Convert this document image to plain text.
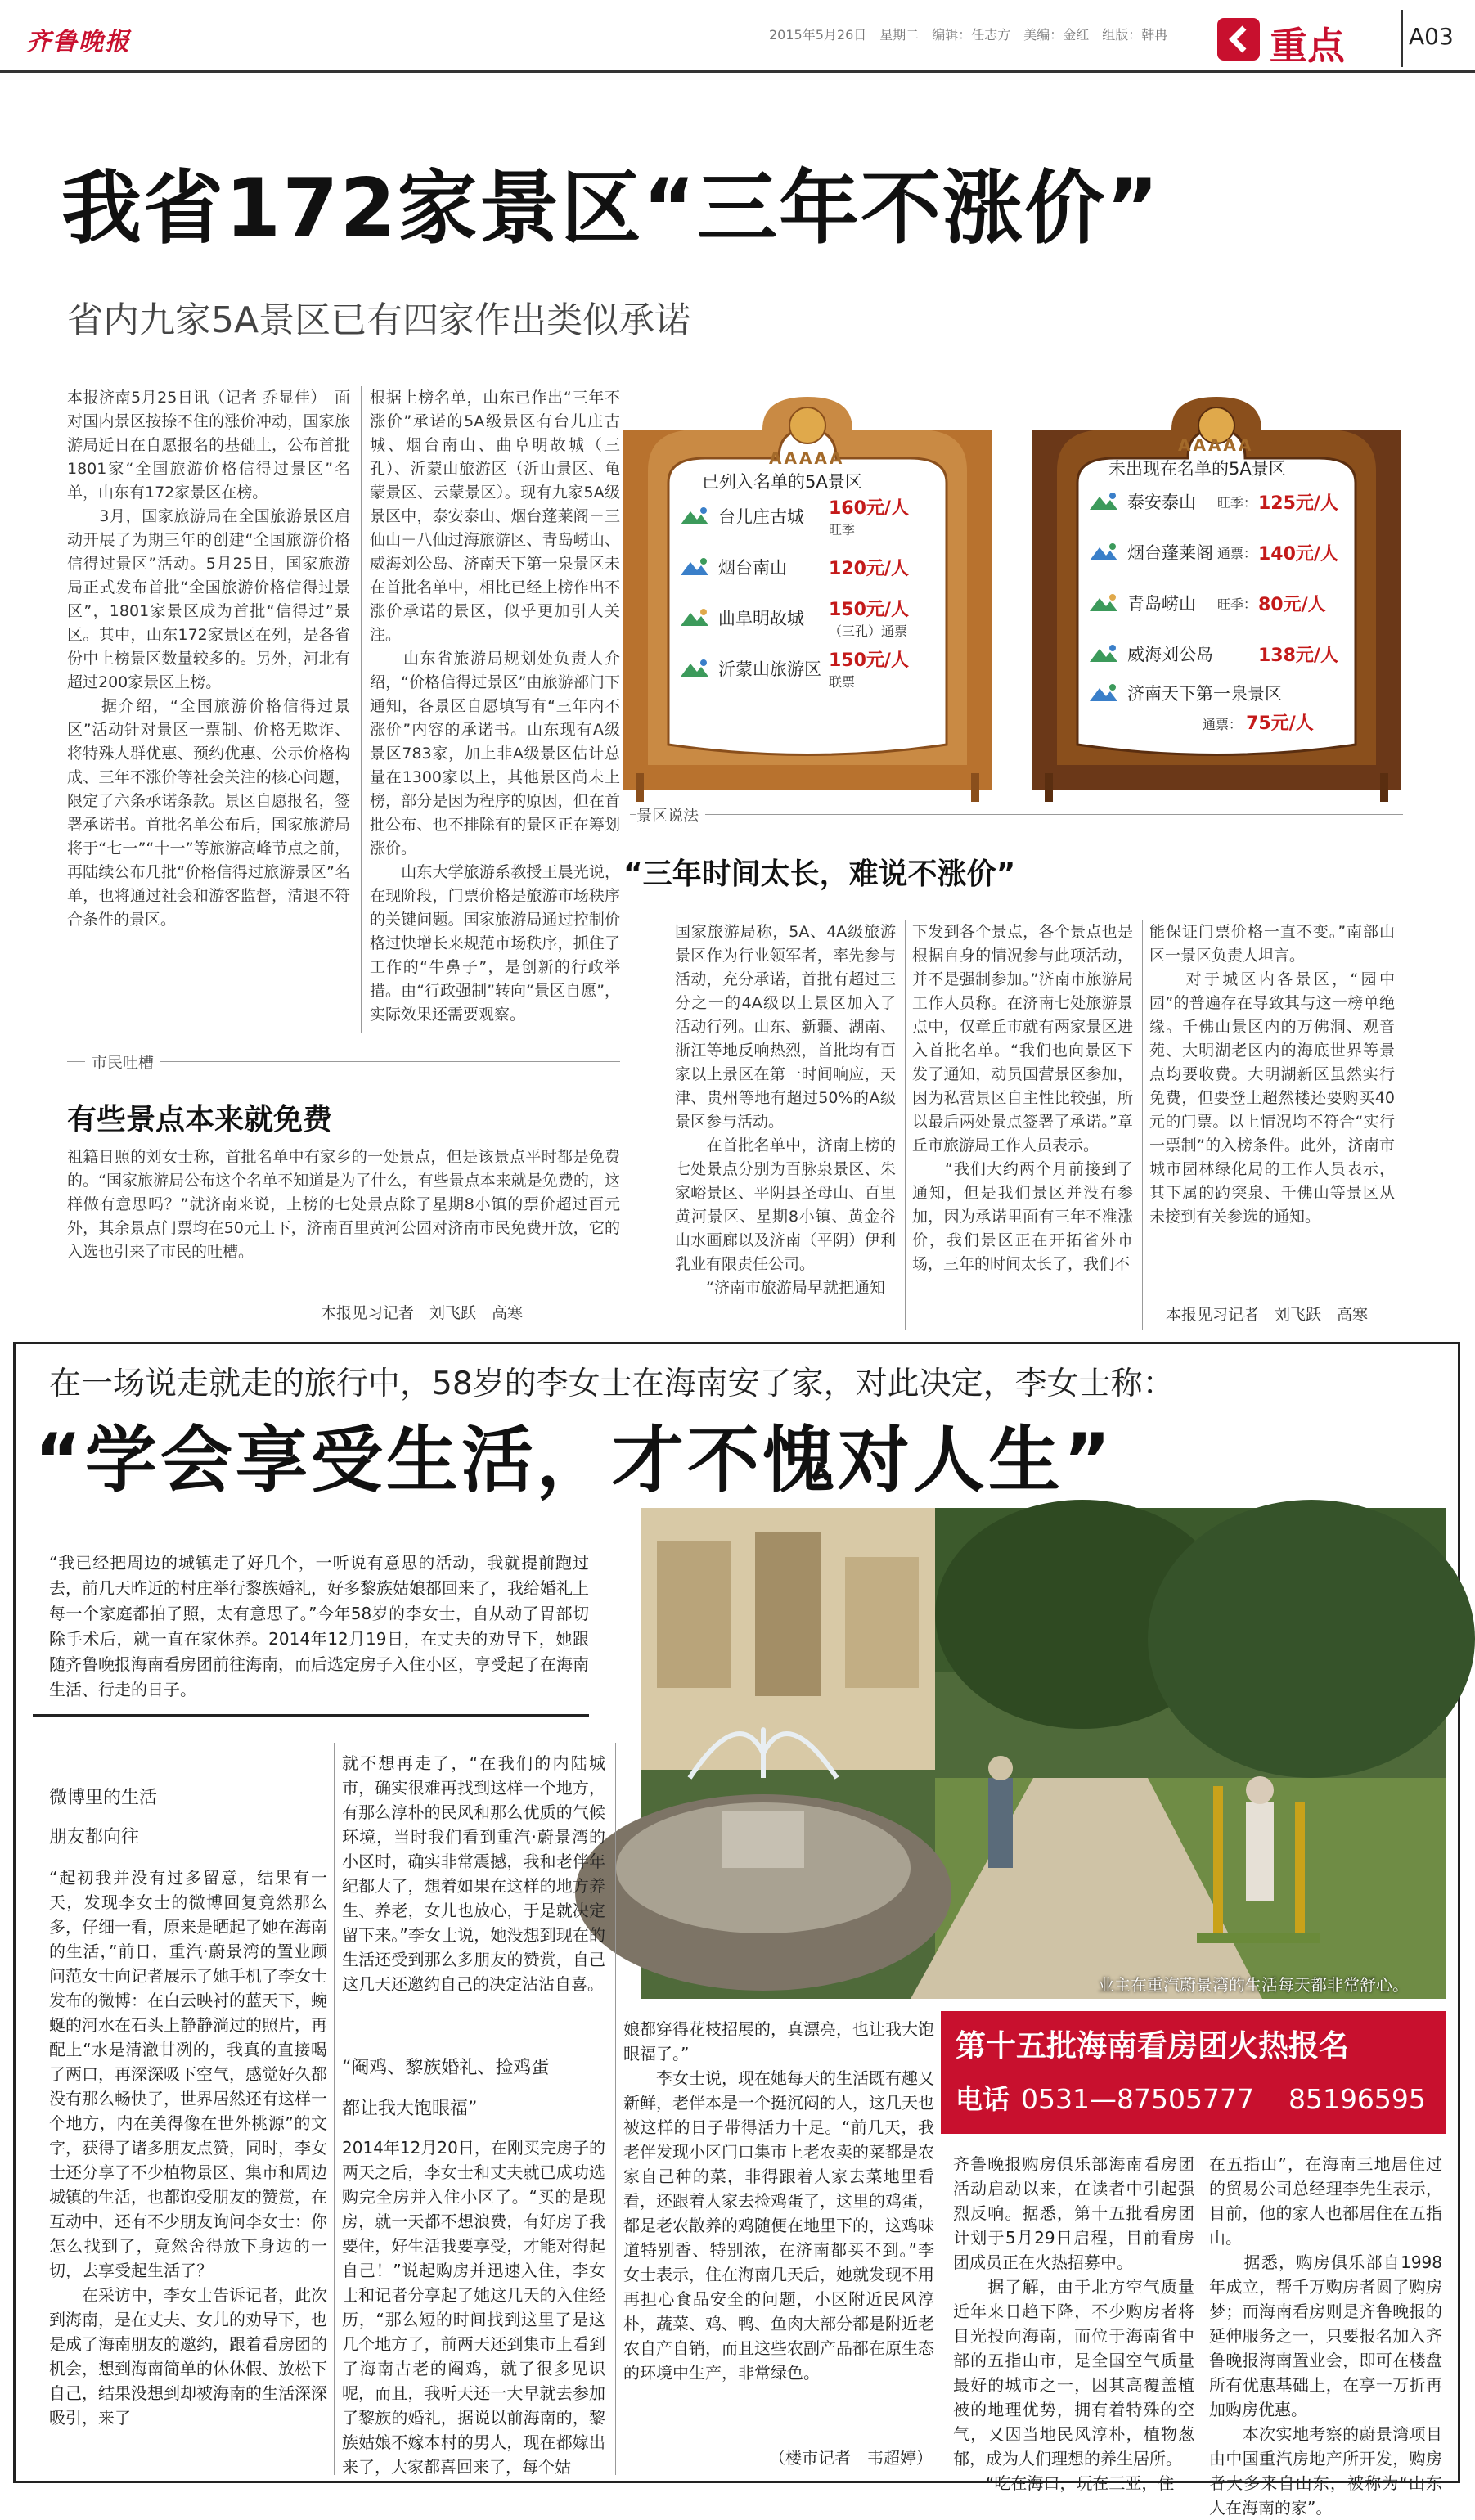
齐鲁晚报	2015年5月26日　星期二　编辑：任志方　美编：金红　组版：韩冉	重点	A03
我省172家景区“三年不涨价”
省内九家5A景区已有四家作出类似承诺
本报济南5月25日讯（记者 乔显佳）　面对国内景区按捺不住的涨价冲动，国家旅游局近日在自愿报名的基础上，公布首批1801家“全国旅游价格信得过景区”名单，山东有172家景区在榜。
　　3月，国家旅游局在全国旅游景区启动开展了为期三年的创建“全国旅游价格信得过景区”活动。5月25日，国家旅游局正式发布首批“全国旅游价格信得过景区”，1801家景区成为首批“信得过”景区。其中，山东172家景区在列，是各省份中上榜景区数量较多的。另外，河北有超过200家景区上榜。
　　据介绍，“全国旅游价格信得过景区”活动针对景区一票制、价格无欺诈、将特殊人群优惠、预约优惠、公示价格构成、三年不涨价等社会关注的核心问题，限定了六条承诺条款。景区自愿报名，签署承诺书。首批名单公布后，国家旅游局将于“七一”“十一”等旅游高峰节点之前，再陆续公布几批“价格信得过旅游景区”名单，也将通过社会和游客监督，清退不符合条件的景区。
根据上榜名单，山东已作出“三年不涨价”承诺的5A级景区有台儿庄古城、烟台南山、曲阜明故城（三孔）、沂蒙山旅游区（沂山景区、龟蒙景区、云蒙景区）。现有九家5A级景区中，泰安泰山、烟台蓬莱阁－三仙山－八仙过海旅游区、青岛崂山、威海刘公岛、济南天下第一泉景区未在首批名单中，相比已经上榜作出不涨价承诺的景区，似乎更加引人关注。
　　山东省旅游局规划处负责人介绍，“价格信得过景区”由旅游部门下通知，各景区自愿填写有“三年内不涨价”内容的承诺书。山东现有A级景区783家，加上非A级景区估计总量在1300家以上，其他景区尚未上榜，部分是因为程序的原因，但在首批公布、也不排除有的景区正在筹划涨价。
　　山东大学旅游系教授王晨光说，在现阶段，门票价格是旅游市场秩序的关键问题。国家旅游局通过控制价格过快增长来规范市场秩序，抓住了工作的“牛鼻子”，是创新的行政举措。由“行政强制”转向“景区自愿”，实际效果还需要观察。
AAAAA
已列入名单的5A景区
台儿庄古城	160元/人
旺季
烟台南山	120元/人
曲阜明故城	150元/人
（三孔）通票
沂蒙山旅游区 150元/人
联票
AAAAA
未出现在名单的5A景区
泰安泰山	旺季： 125元/人
烟台蓬莱阁 通票： 140元/人
青岛崂山	旺季： 80元/人
威海刘公岛	138元/人
济南天下第一泉景区
通票： 75元/人
景区说法
“三年时间太长，难说不涨价”
国家旅游局称，5A、4A级旅游景区作为行业领军者，率先参与活动，充分承诺，首批有超过三分之一的4A级以上景区加入了活动行列。山东、新疆、湖南、浙江等地反响热烈，首批均有百家以上景区在第一时间响应，天津、贵州等地有超过50%的A级景区参与活动。
　　在首批名单中，济南上榜的七处景点分别为百脉泉景区、朱家峪景区、平阴县圣母山、百里黄河景区、星期8小镇、黄金谷山水画廊以及济南（平阴）伊利乳业有限责任公司。
　　“济南市旅游局早就把通知
下发到各个景点，各个景点也是根据自身的情况参与此项活动，并不是强制参加。”济南市旅游局工作人员称。在济南七处旅游景点中，仅章丘市就有两家景区进入首批名单。“我们也向景区下发了通知，动员国营景区参加，因为私营景区自主性比较强，所以最后两处景点签署了承诺。”章丘市旅游局工作人员表示。
　　“我们大约两个月前接到了通知，但是我们景区并没有参加，因为承诺里面有三年不准涨价，我们景区正在开拓省外市场，三年的时间太长了，我们不
能保证门票价格一直不变。”南部山区一景区负责人坦言。
　　对于城区内各景区，“园中园”的普遍存在导致其与这一榜单绝缘。千佛山景区内的万佛洞、观音苑、大明湖老区内的海底世界等景点均要收费。大明湖新区虽然实行免费，但要登上超然楼还要购买40元的门票。以上情况均不符合“实行一票制”的入榜条件。此外，济南市城市园林绿化局的工作人员表示，其下属的趵突泉、千佛山等景区从未接到有关参选的通知。
本报见习记者　刘飞跃　高寒
市民吐槽
有些景点本来就免费
祖籍日照的刘女士称，首批名单中有家乡的一处景点，但是该景点平时都是免费的。“国家旅游局公布这个名单不知道是为了什么，有些景点本来就是免费的，这样做有意思吗？”就济南来说，上榜的七处景点除了星期8小镇的票价超过百元外，其余景点门票均在50元上下，济南百里黄河公园对济南市民免费开放，它的入选也引来了市民的吐槽。
本报见习记者　刘飞跃　高寒
在一场说走就走的旅行中，58岁的李女士在海南安了家，对此决定，李女士称：
“学会享受生活，才不愧对人生”
“我已经把周边的城镇走了好几个，一听说有意思的活动，我就提前跑过去，前几天昨近的村庄举行黎族婚礼，好多黎族姑娘都回来了，我给婚礼上每一个家庭都拍了照，太有意思了。”今年58岁的李女士，自从动了胃部切除手术后，就一直在家休养。2014年12月19日，在丈夫的劝导下，她跟随齐鲁晚报海南看房团前往海南，而后选定房子入住小区，享受起了在海南生活、行走的日子。
业主在重汽蔚景湾的生活每天都非常舒心。
微博里的生活
朋友都向往
“起初我并没有过多留意，结果有一天，发现李女士的微博回复竟然那么多，仔细一看，原来是晒起了她在海南的生活，”前日，重汽·蔚景湾的置业顾问范女士向记者展示了她手机了李女士发布的微博：在白云映衬的蓝天下，蜿蜒的河水在石头上静静淌过的照片，再配上“水是清澈甘冽的，我真的直接喝了两口，再深深吸下空气，感觉好久都没有那么畅快了，世界居然还有这样一个地方，内在美得像在世外桃源”的文字，获得了诸多朋友点赞，同时，李女士还分享了不少植物景区、集市和周边城镇的生活，也都饱受朋友的赞赏，在互动中，还有不少朋友询问李女士：你怎么找到了，竟然舍得放下身边的一切，去享受起生活了？
　　在采访中，李女士告诉记者，此次到海南，是在丈夫、女儿的劝导下，也是成了海南朋友的邀约，跟着看房团的机会，想到海南简单的休休假、放松下自己，结果没想到却被海南的生活深深吸引，来了
就不想再走了，“在我们的内陆城市，确实很难再找到这样一个地方，有那么淳朴的民风和那么优质的气候环境，当时我们看到重汽·蔚景湾的小区时，确实非常震撼，我和老伴年纪都大了，想着如果在这样的地方养生、养老，女儿也放心，于是就决定留下来。”李女士说，她没想到现在的生活还受到那么多朋友的赞赏，自己这几天还邀约自己的决定沾沾自喜。
“阉鸡、黎族婚礼、捡鸡蛋
都让我大饱眼福”
2014年12月20日，在刚买完房子的两天之后，李女士和丈夫就已成功选购完全房并入住小区了。“买的是现房，就一天都不想浪费，有好房子我要住，好生活我要享受，才能对得起自己！”说起购房并迅速入住，李女士和记者分享起了她这几天的入住经历，“那么短的时间找到这里了是这几个地方了，前两天还到集市上看到了海南古老的阉鸡，就了很多见识呢，而且，我听天还一大早就去参加了黎族的婚礼，据说以前海南的，黎族姑娘不嫁本村的男人，现在都嫁出来了，大家都喜回来了，每个姑
娘都穿得花枝招展的，真漂亮，也让我大饱眼福了。”
　　李女士说，现在她每天的生活既有趣又新鲜，老伴本是一个挺沉闷的人，这几天也被这样的日子带得活力十足。“前几天，我老伴发现小区门口集市上老农卖的菜都是农家自己种的菜，非得跟着人家去菜地里看看，还跟着人家去捡鸡蛋了，这里的鸡蛋，都是老农散养的鸡随便在地里下的，这鸡味道特别香、特别浓，在济南都买不到。”李女士表示，住在海南几天后，她就发现不用再担心食品安全的问题，小区附近民风淳朴，蔬菜、鸡、鸭、鱼肉大部分都是附近老农自产自销，而且这些农副产品都在原生态的环境中生产，非常绿色。
（楼市记者　韦超婷）
第十五批海南看房团火热报名
电话 0531—87505777 85196595
齐鲁晚报购房俱乐部海南看房团活动启动以来，在读者中引起强烈反响。据悉，第十五批看房团计划于5月29日启程，目前看房团成员正在火热招募中。
　　据了解，由于北方空气质量近年来日趋下降，不少购房者将目光投向海南，而位于海南省中部的五指山市，是全国空气质量最好的城市之一，因其高覆盖植被的地理优势，拥有着特殊的空气，又因当地民风淳朴，植物葱郁，成为人们理想的养生居所。
　　“吃在海口，玩在三亚，住
在五指山”，在海南三地居住过的贸易公司总经理李先生表示，目前，他的家人也都居住在五指山。
　　据悉，购房俱乐部自1998年成立，帮千万购房者圆了购房梦；而海南看房则是齐鲁晚报的延伸服务之一，只要报名加入齐鲁晚报海南置业会，即可在楼盘所有优惠基础上，在享一万折再加购房优惠。
　　本次实地考察的蔚景湾项目由中国重汽房地产所开发，购房者大多来自山东，被称为“山东人在海南的家”。
